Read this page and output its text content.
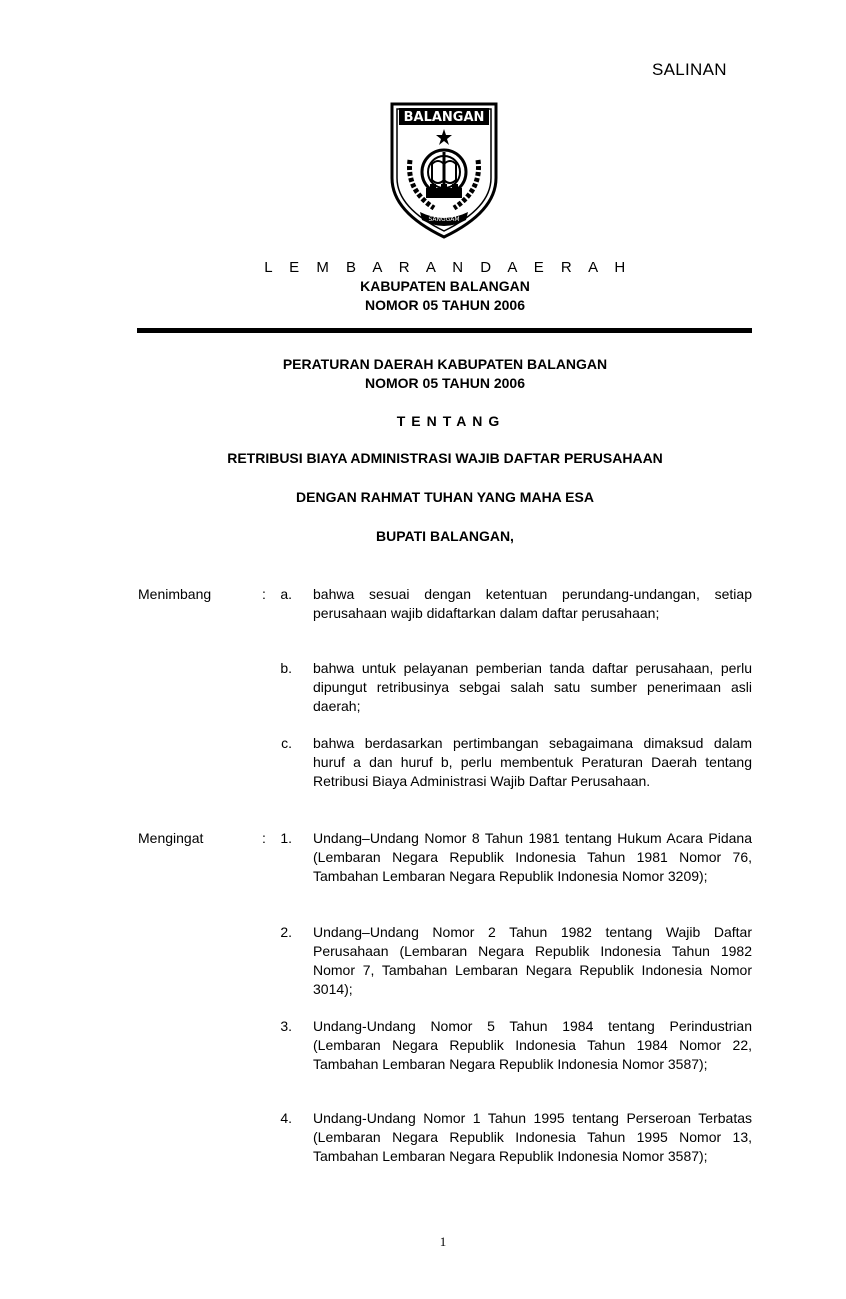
SALINAN
BALANGAN
SANGGAM
L E M B A R A N D A E R A H
KABUPATEN BALANGAN
NOMOR 05 TAHUN 2006
PERATURAN DAERAH KABUPATEN BALANGAN
NOMOR 05 TAHUN 2006
TENTANG
RETRIBUSI BIAYA ADMINISTRASI WAJIB DAFTAR PERUSAHAAN
DENGAN RAHMAT TUHAN YANG MAHA ESA
BUPATI BALANGAN,
Menimbang	:	a. bahwa sesuai dengan ketentuan perundang-undangan, setiap perusahaan wajib didaftarkan dalam daftar perusahaan;
b. bahwa untuk pelayanan pemberian tanda daftar perusahaan, perlu dipungut retribusinya sebgai salah satu sumber penerimaan asli daerah;
c. bahwa berdasarkan pertimbangan sebagaimana dimaksud dalam huruf a dan huruf b, perlu membentuk Peraturan Daerah tentang Retribusi Biaya Administrasi Wajib Daftar Perusahaan.
Mengingat	:	1. Undang–Undang Nomor 8 Tahun 1981 tentang Hukum Acara Pidana (Lembaran Negara Republik Indonesia Tahun 1981 Nomor 76, Tambahan Lembaran Negara Republik Indonesia Nomor 3209);
2. Undang–Undang Nomor 2 Tahun 1982 tentang Wajib Daftar Perusahaan (Lembaran Negara Republik Indonesia Tahun 1982 Nomor 7, Tambahan Lembaran Negara Republik Indonesia Nomor 3014);
3. Undang-Undang Nomor 5 Tahun 1984 tentang Perindustrian (Lembaran Negara Republik Indonesia Tahun 1984 Nomor 22, Tambahan Lembaran Negara Republik Indonesia Nomor 3587);
4. Undang-Undang Nomor 1 Tahun 1995 tentang Perseroan Terbatas (Lembaran Negara Republik Indonesia Tahun 1995 Nomor 13, Tambahan Lembaran Negara Republik Indonesia Nomor 3587);
1
